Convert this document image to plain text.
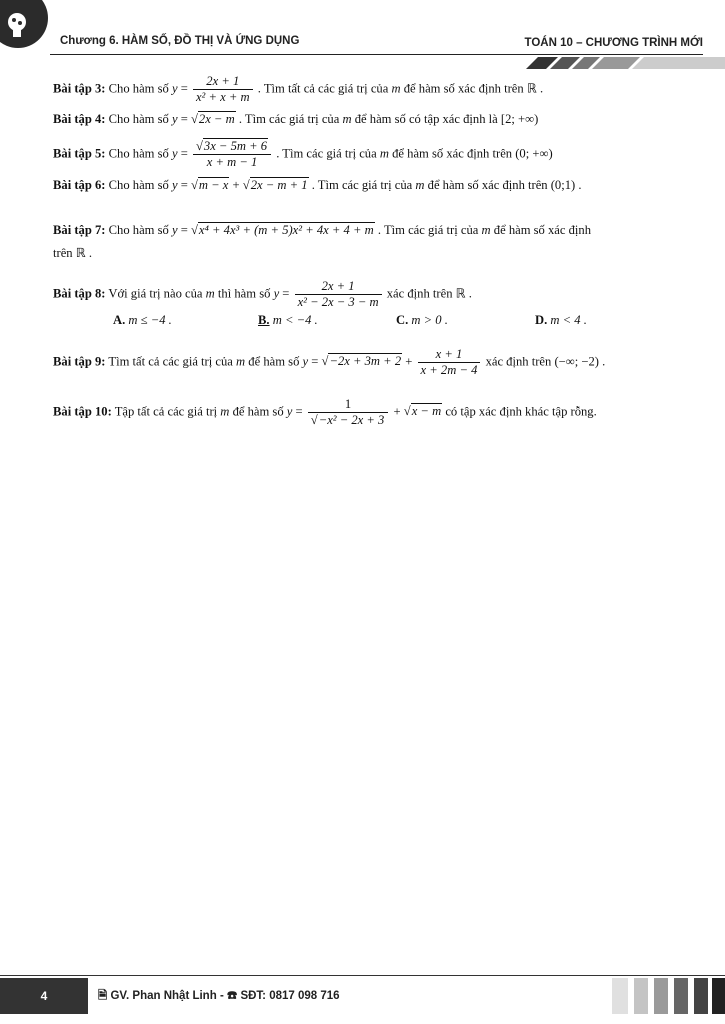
Chương 6. HÀM SỐ, ĐỒ THỊ VÀ ỨNG DỤNG	TOÁN 10 – CHƯƠNG TRÌNH MỚI
Bài tập 3: Cho hàm số $y = \frac{2x + 1}{\text{x² + x + m}}$ . Tìm tất cả các giá trị của m để hàm số xác định trên ℝ .
Bài tập 4: Cho hàm số y = √2x − m . Tìm các giá trị của m để hàm số có tập xác định là [2; +∞)
Bài tập 5: Cho hàm số $y = \frac{√3x - 5m + 6}{x + m - 1}$ . Tìm các giá trị của m để hàm số xác định trên (0; +∞)
Bài tập 6: Cho hàm số y = √m − x + √2x − m + 1 . Tìm các giá trị của m để hàm số xác định trên (0;1) .
Bài tập 7: Cho hàm số y = √x⁴ + 4x³ + (m + 5)x² + 4x + 4 + m . Tìm các giá trị của m để hàm số xác định
trên ℝ .
Bài tập 8: Với giá trị nào của m thì hàm số $y = \frac{2x + 1}{\text{x² − 2x − 3 − m}}$ xác định trên ℝ .
A. m ≤ −4 .	B. m < −4 .	C. m > 0 .	D. m < 4 .
Bài tập 9: Tìm tất cả các giá trị của m để hàm số $y = √-2x + 3m + 2 + \frac{x + 1}{x + 2m - 4}$ xác định trên (−∞; −2) .
Bài tập 10: Tập tất cả các giá trị m để hàm số $y = \frac{1}{\text{√−x² − 2x + 3}} + √x - m$ có tập xác định khác tập rỗng.
4	🗎 GV. Phan Nhật Linh - ☎ SĐT: 0817 098 716
